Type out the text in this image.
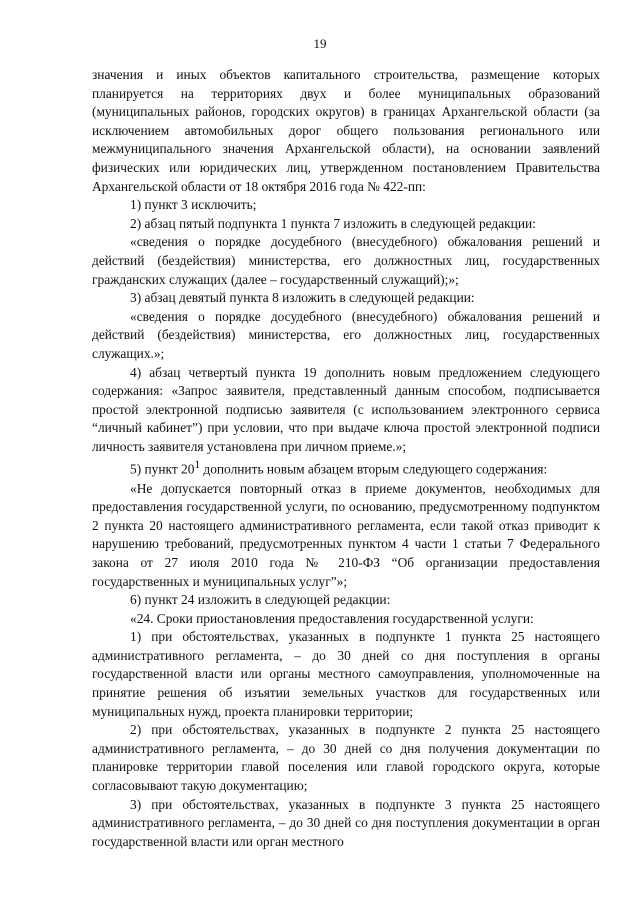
19

значения и иных объектов капитального строительства, размещение которых планируется на территориях двух и более муниципальных образований (муниципальных районов, городских округов) в границах Архангельской области (за исключением автомобильных дорог общего пользования регионального или межмуниципального значения Архангельской области), на основании заявлений физических или юридических лиц, утвержденном постановлением Правительства Архангельской области от 18 октября 2016 года № 422-пп:

1) пункт 3 исключить;

2) абзац пятый подпункта 1 пункта 7 изложить в следующей редакции:

«сведения о порядке досудебного (внесудебного) обжалования решений и действий (бездействия) министерства, его должностных лиц, государственных гражданских служащих (далее – государственный служащий);»;

3) абзац девятый пункта 8 изложить в следующей редакции:

«сведения о порядке досудебного (внесудебного) обжалования решений и действий (бездействия) министерства, его должностных лиц, государственных служащих.»;

4) абзац четвертый пункта 19 дополнить новым предложением следующего содержания: «Запрос заявителя, представленный данным способом, подписывается простой электронной подписью заявителя (с использованием электронного сервиса “личный кабинет”) при условии, что при выдаче ключа простой электронной подписи личность заявителя установлена при личном приеме.»;

5) пункт $20^1$ дополнить новым абзацем вторым следующего содержания:

«Не допускается повторный отказ в приеме документов, необходимых для предоставления государственной услуги, по основанию, предусмотренному подпунктом 2 пункта 20 настоящего административного регламента, если такой отказ приводит к нарушению требований, предусмотренных пунктом 4 части 1 статьи 7 Федерального закона от 27 июля 2010 года № 210-ФЗ “Об организации предоставления государственных и муниципальных услуг”»;

6) пункт 24 изложить в следующей редакции:

«24. Сроки приостановления предоставления государственной услуги:

1) при обстоятельствах, указанных в подпункте 1 пункта 25 настоящего административного регламента, – до 30 дней со дня поступления в органы государственной власти или органы местного самоуправления, уполномоченные на принятие решения об изъятии земельных участков для государственных или муниципальных нужд, проекта планировки территории;

2) при обстоятельствах, указанных в подпункте 2 пункта 25 настоящего административного регламента, – до 30 дней со дня получения документации по планировке территории главой поселения или главой городского округа, которые согласовывают такую документацию;

3) при обстоятельствах, указанных в подпункте 3 пункта 25 настоящего административного регламента, – до 30 дней со дня поступления документации в орган государственной власти или орган местного
